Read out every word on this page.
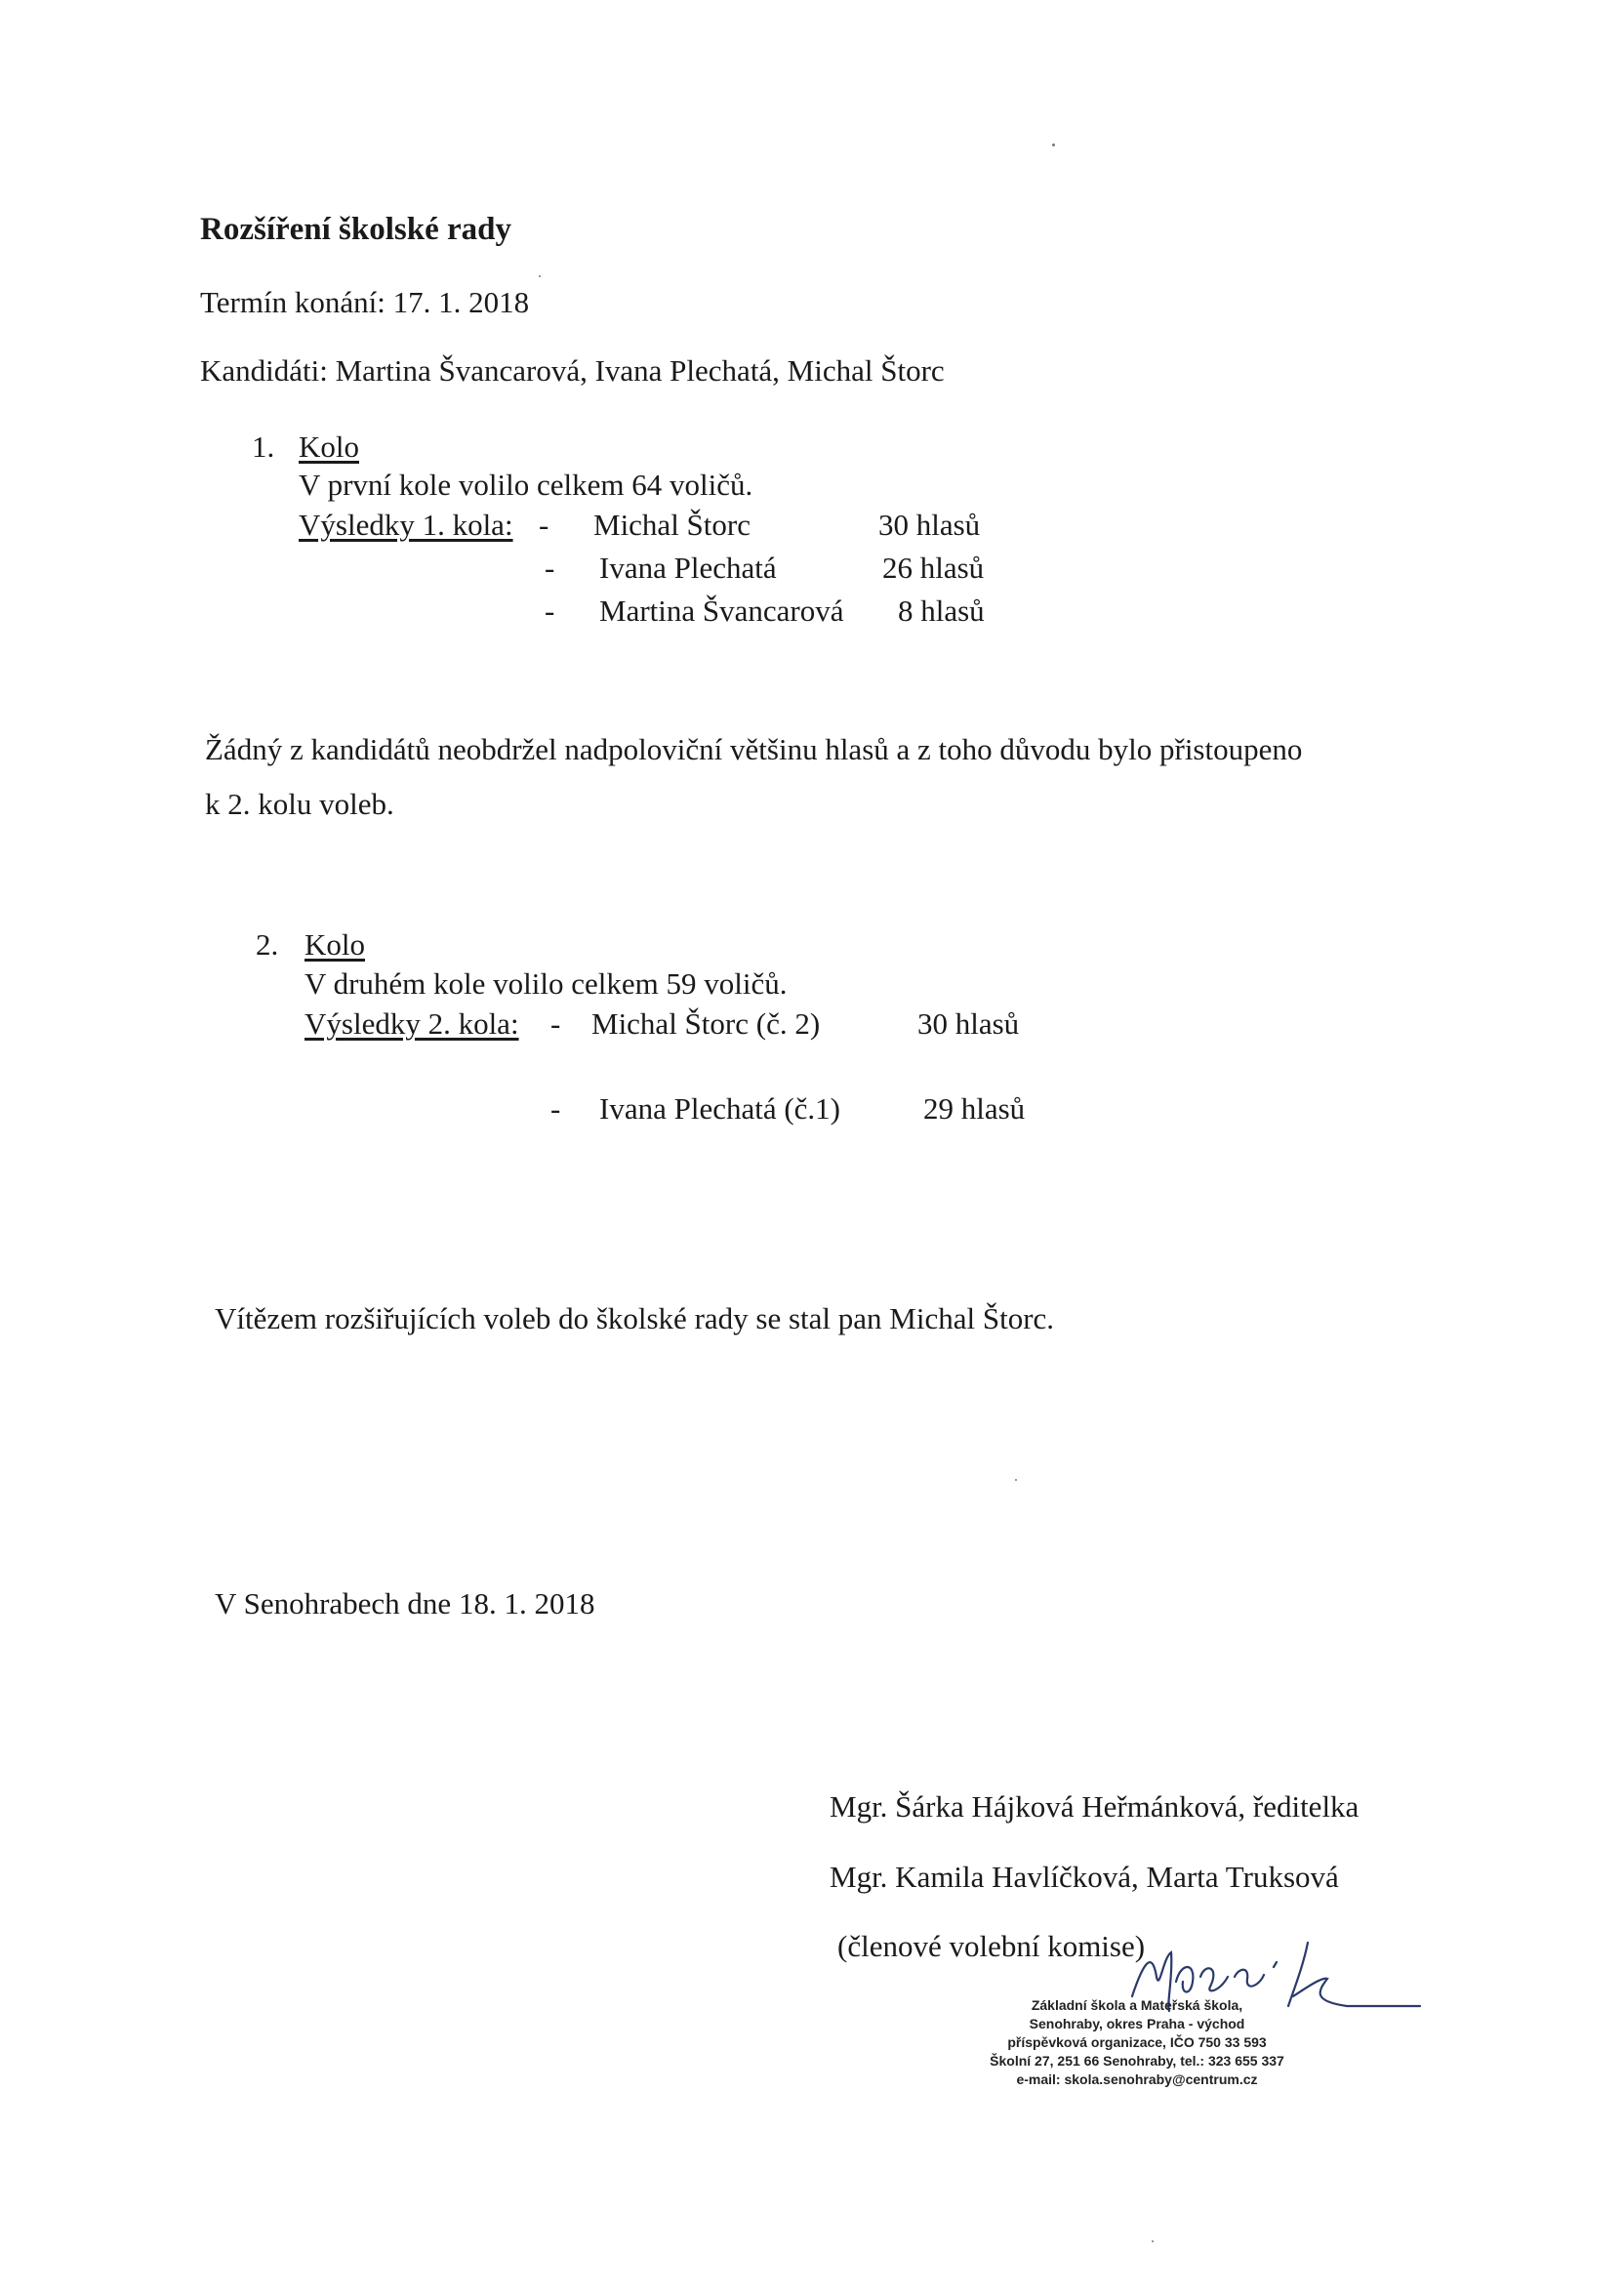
Rozšíření školské rady
Termín konání: 17. 1. 2018
Kandidáti: Martina Švancarová, Ivana Plechatá, Michal Štorc
1. Kolo
V první kole volilo celkem 64 voličů.
Výsledky 1. kola: - Michal Štorc	30 hlasů
- Ivana Plechatá	26 hlasů
- Martina Švancarová 8 hlasů
Žádný z kandidátů neobdržel nadpoloviční většinu hlasů a z toho důvodu bylo přistoupeno
k 2. kolu voleb.
2. Kolo
V druhém kole volilo celkem 59 voličů.
Výsledky 2. kola: - Michal Štorc (č. 2)	30 hlasů
- Ivana Plechatá (č.1)	29 hlasů
Vítězem rozšiřujících voleb do školské rady se stal pan Michal Štorc.
V Senohrabech dne 18. 1. 2018
Mgr. Šárka Hájková Heřmánková, ředitelka
Mgr. Kamila Havlíčková, Marta Truksová
(členové volební komise)
Základní škola a Mateřská škola,
Senohraby, okres Praha - východ
příspěvková organizace, IČO 750 33 593
Školní 27, 251 66 Senohraby, tel.: 323 655 337
e-mail: skola.senohraby@centrum.cz
